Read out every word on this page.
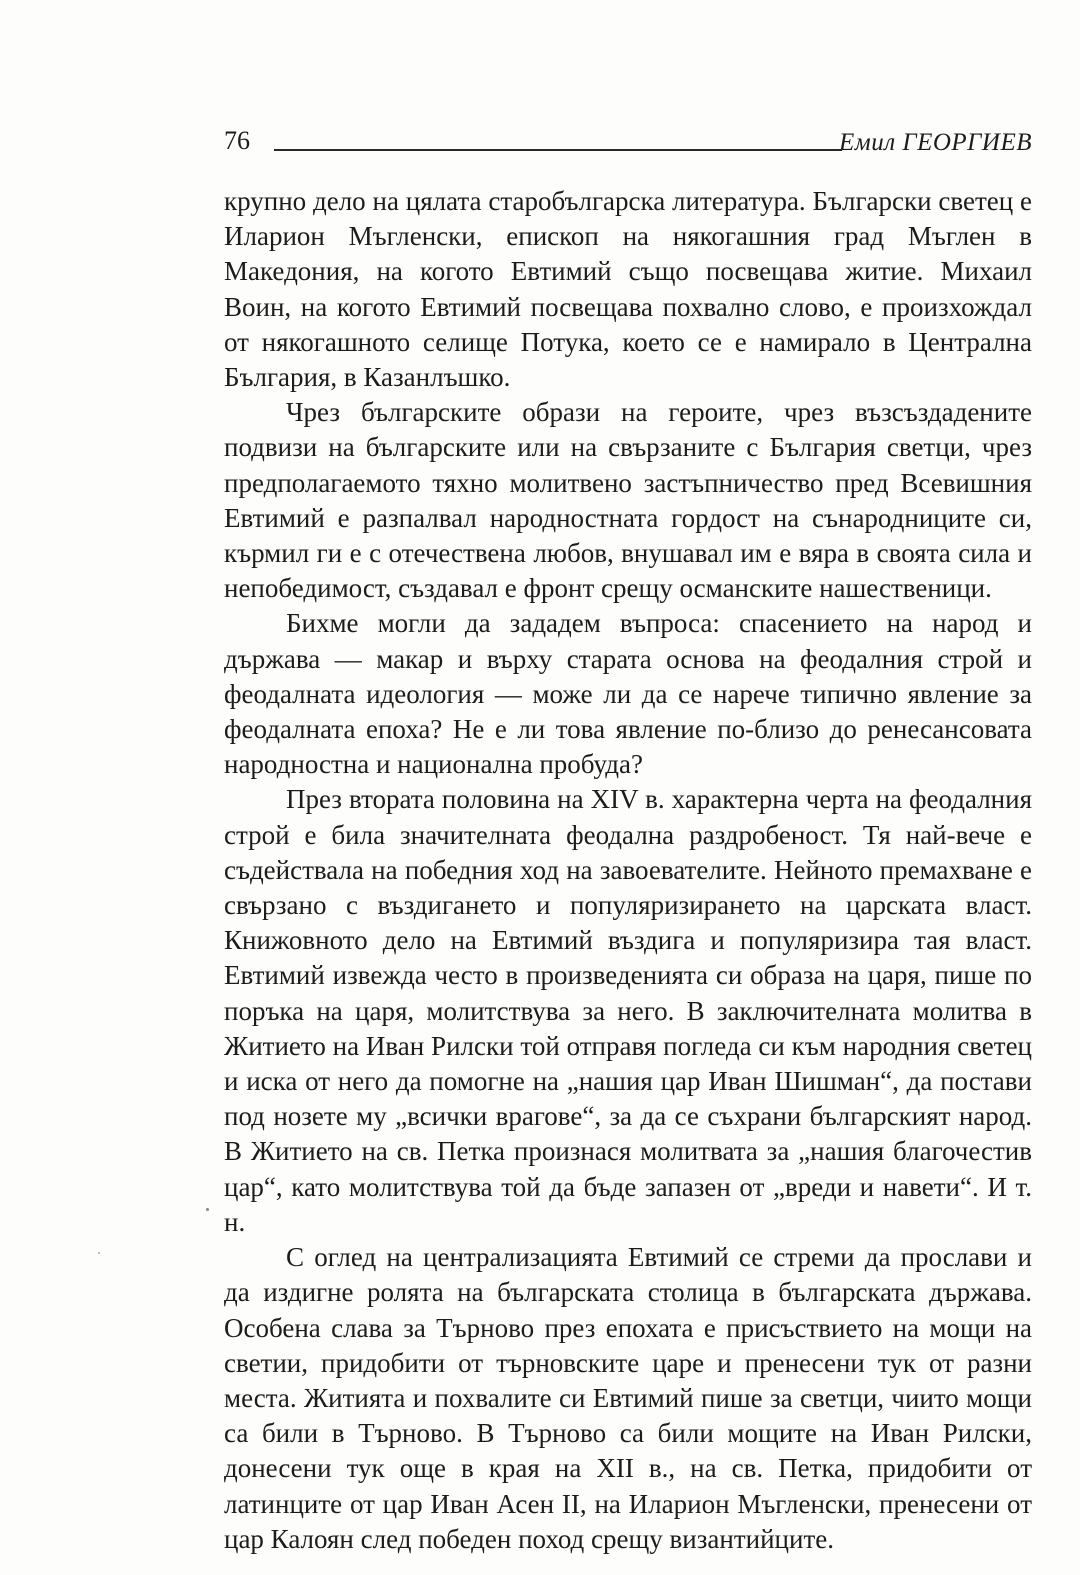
76	Емил ГЕОРГИЕВ

крупно дело на цялата старобългарска литература. Български светец е Иларион Мъгленски, епископ на някогашния град Мъглен в Македония, на когото Евтимий също посвещава житие. Михаил Воин, на когото Евтимий посвещава похвално слово, е произхождал от някогашното селище Потука, което се е намирало в Централна България, в Казанлъшко.

Чрез българските образи на героите, чрез възсъздадените подвизи на българските или на свързаните с България светци, чрез предполагаемото тяхно молитвено застъпничество пред Всевишния Евтимий е разпалвал народностната гордост на сънародниците си, кърмил ги е с отечествена любов, внушавал им е вяра в своята сила и непобедимост, създавал е фронт срещу османските нашественици.

Бихме могли да зададем въпроса: спасението на народ и държава — макар и върху старата основа на феодалния строй и феодалната идеология — може ли да се нарече типично явление за феодалната епоха? Не е ли това явление по-близо до ренесансовата народностна и национална пробуда?

През втората половина на XIV в. характерна черта на феодалния строй е била значителната феодална раздробеност. Тя най-вече е съдействала на победния ход на завоевателите. Нейното премахване е свързано с въздигането и популяризирането на царската власт. Книжовното дело на Евтимий въздига и популяризира тая власт. Евтимий извежда често в произведенията си образа на царя, пише по поръка на царя, молитствува за него. В заключителната молитва в Житието на Иван Рилски той отправя погледа си към народния светец и иска от него да помогне на „нашия цар Иван Шишман“, да постави под нозете му „всички врагове“, за да се съхрани българският народ. В Житието на св. Петка произнася молитвата за „нашия благочестив цар“, като молитствува той да бъде запазен от „вреди и навети“. И т. н.

С оглед на централизацията Евтимий се стреми да прослави и да издигне ролята на българската столица в българската държава. Особена слава за Търново през епохата е присъствието на мощи на светии, придобити от търновските царе и пренесени тук от разни места. Житията и похвалите си Евтимий пише за светци, чиито мощи са били в Търново. В Търново са били мощите на Иван Рилски, донесени тук още в края на XII в., на св. Петка, придобити от латинците от цар Иван Асен II, на Иларион Мъгленски, пренесени от цар Калоян след победен поход срещу византийците.
